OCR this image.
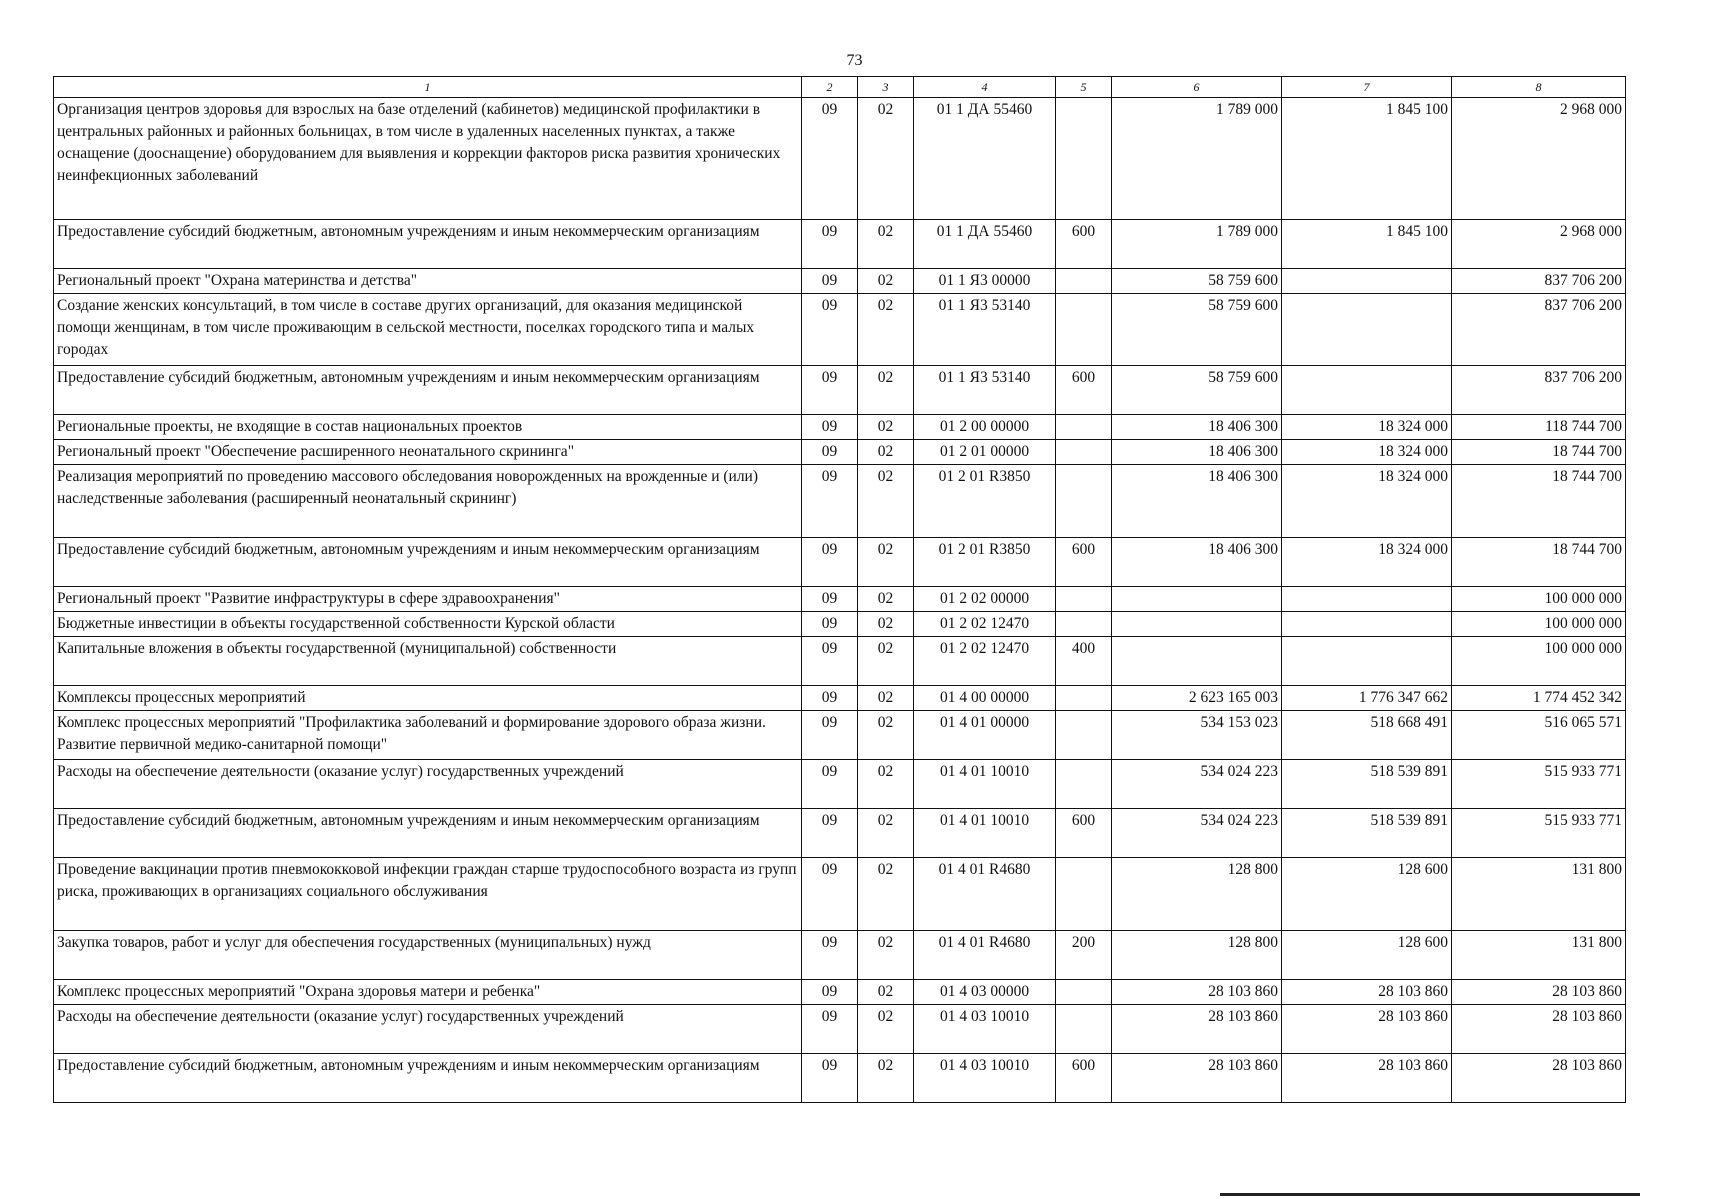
73
1	2	3	4	5	6	7	8
Организация центров здоровья для взрослых на базе отделений (кабинетов) медицинской профилактики в центральных районных и районных больницах, в том числе в удаленных населенных пунктах, а также оснащение (дооснащение) оборудованием для выявления и коррекции факторов риска развития хронических неинфекционных заболеваний	09	02	01 1 ДА 55460		1 789 000	1 845 100	2 968 000
Предоставление субсидий бюджетным, автономным учреждениям и иным некоммерческим организациям	09	02	01 1 ДА 55460	600	1 789 000	1 845 100	2 968 000
Региональный проект "Охрана материнства и детства"	09	02	01 1 Я3 00000		58 759 600		837 706 200
Создание женских консультаций, в том числе в составе других организаций, для оказания медицинской помощи женщинам, в том числе проживающим в сельской местности, поселках городского типа и малых городах	09	02	01 1 Я3 53140		58 759 600		837 706 200
Предоставление субсидий бюджетным, автономным учреждениям и иным некоммерческим организациям	09	02	01 1 Я3 53140	600	58 759 600		837 706 200
Региональные проекты, не входящие в состав национальных проектов	09	02	01 2 00 00000		18 406 300	18 324 000	118 744 700
Региональный проект "Обеспечение расширенного неонатального скрининга"	09	02	01 2 01 00000		18 406 300	18 324 000	18 744 700
Реализация мероприятий по проведению массового обследования новорожденных на врожденные и (или) наследственные заболевания (расширенный неонатальный скрининг)	09	02	01 2 01 R3850		18 406 300	18 324 000	18 744 700
Предоставление субсидий бюджетным, автономным учреждениям и иным некоммерческим организациям	09	02	01 2 01 R3850	600	18 406 300	18 324 000	18 744 700
Региональный проект "Развитие инфраструктуры в сфере здравоохранения"	09	02	01 2 02 00000				100 000 000
Бюджетные инвестиции в объекты государственной собственности Курской области	09	02	01 2 02 12470				100 000 000
Капитальные вложения в объекты государственной (муниципальной) собственности	09	02	01 2 02 12470	400			100 000 000
Комплексы процессных мероприятий	09	02	01 4 00 00000		2 623 165 003	1 776 347 662	1 774 452 342
Комплекс процессных мероприятий "Профилактика заболеваний и формирование здорового образа жизни. Развитие первичной медико-санитарной помощи"	09	02	01 4 01 00000		534 153 023	518 668 491	516 065 571
Расходы на обеспечение деятельности (оказание услуг) государственных учреждений	09	02	01 4 01 10010		534 024 223	518 539 891	515 933 771
Предоставление субсидий бюджетным, автономным учреждениям и иным некоммерческим организациям	09	02	01 4 01 10010	600	534 024 223	518 539 891	515 933 771
Проведение вакцинации против пневмококковой инфекции граждан старше трудоспособного возраста из групп риска, проживающих в организациях социального обслуживания	09	02	01 4 01 R4680		128 800	128 600	131 800
Закупка товаров, работ и услуг для обеспечения государственных (муниципальных) нужд	09	02	01 4 01 R4680	200	128 800	128 600	131 800
Комплекс процессных мероприятий "Охрана здоровья матери и ребенка"	09	02	01 4 03 00000		28 103 860	28 103 860	28 103 860
Расходы на обеспечение деятельности (оказание услуг) государственных учреждений	09	02	01 4 03 10010		28 103 860	28 103 860	28 103 860
Предоставление субсидий бюджетным, автономным учреждениям и иным некоммерческим организациям	09	02	01 4 03 10010	600	28 103 860	28 103 860	28 103 860
